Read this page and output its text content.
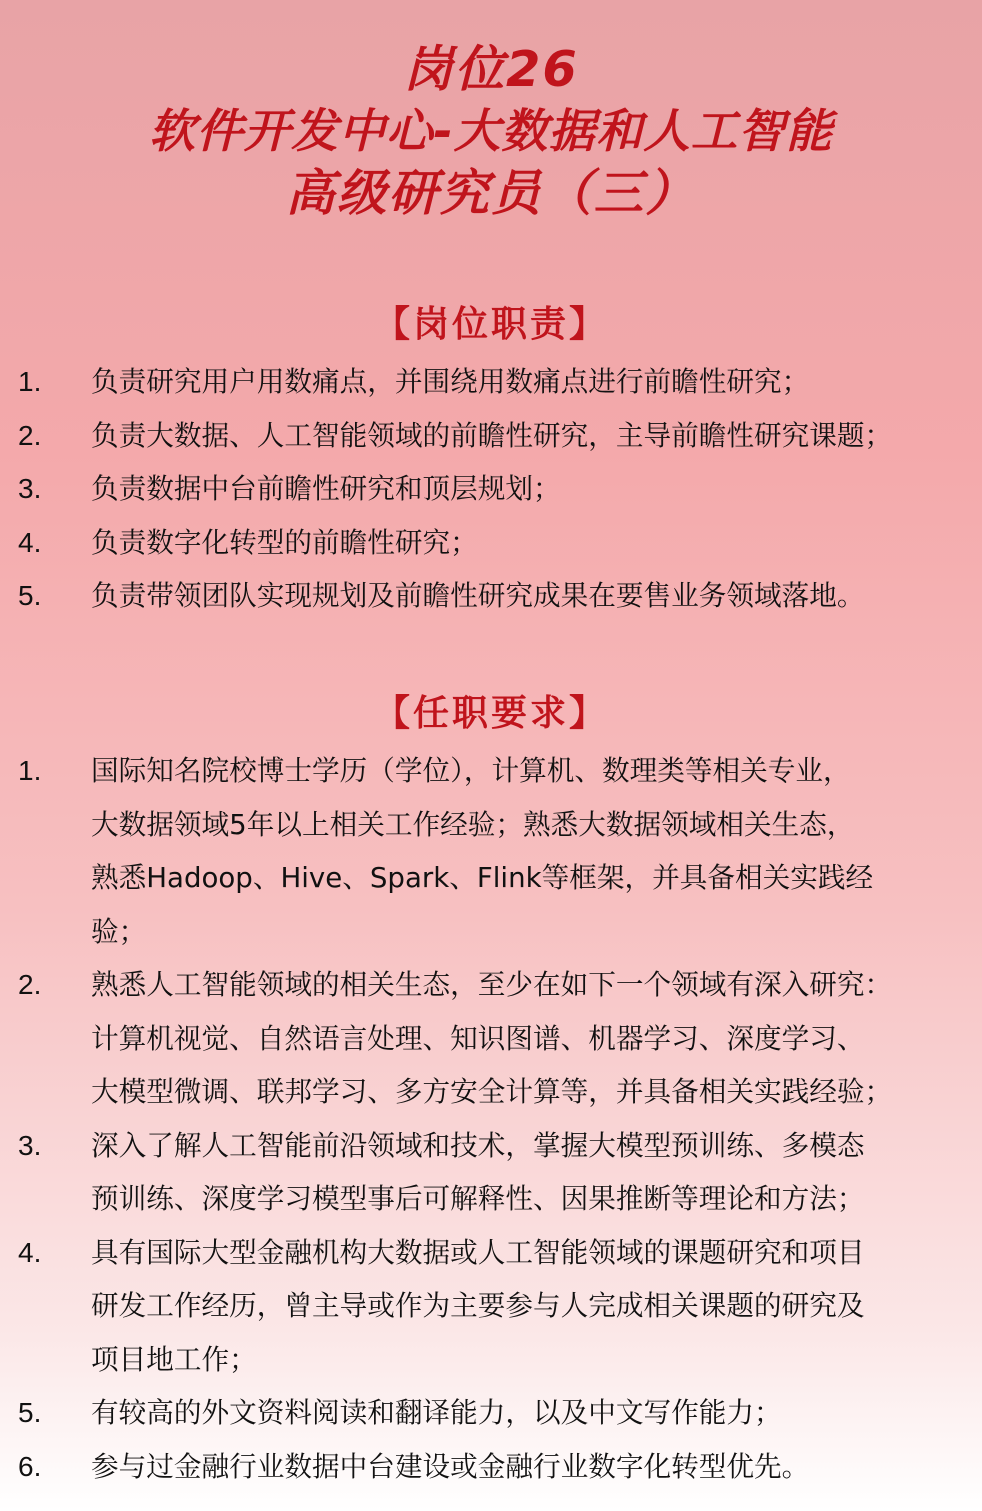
岗位26
软件开发中心-大数据和人工智能
高级研究员（三）
【岗位职责】
1. 负责研究用户用数痛点，并围绕用数痛点进行前瞻性研究；
2. 负责大数据、人工智能领域的前瞻性研究，主导前瞻性研究课题；
3. 负责数据中台前瞻性研究和顶层规划；
4. 负责数字化转型的前瞻性研究；
5. 负责带领团队实现规划及前瞻性研究成果在要售业务领域落地。
【任职要求】
1. 国际知名院校博士学历（学位），计算机、数理类等相关专业，
大数据领域5年以上相关工作经验；熟悉大数据领域相关生态，
熟悉Hadoop、Hive、Spark、Flink等框架，并具备相关实践经
验；
2. 熟悉人工智能领域的相关生态，至少在如下一个领域有深入研究：
计算机视觉、自然语言处理、知识图谱、机器学习、深度学习、
大模型微调、联邦学习、多方安全计算等，并具备相关实践经验；
3. 深入了解人工智能前沿领域和技术，掌握大模型预训练、多模态
预训练、深度学习模型事后可解释性、因果推断等理论和方法；
4. 具有国际大型金融机构大数据或人工智能领域的课题研究和项目
研发工作经历，曾主导或作为主要参与人完成相关课题的研究及
项目地工作；
5. 有较高的外文资料阅读和翻译能力，以及中文写作能力；
6. 参与过金融行业数据中台建设或金融行业数字化转型优先。
